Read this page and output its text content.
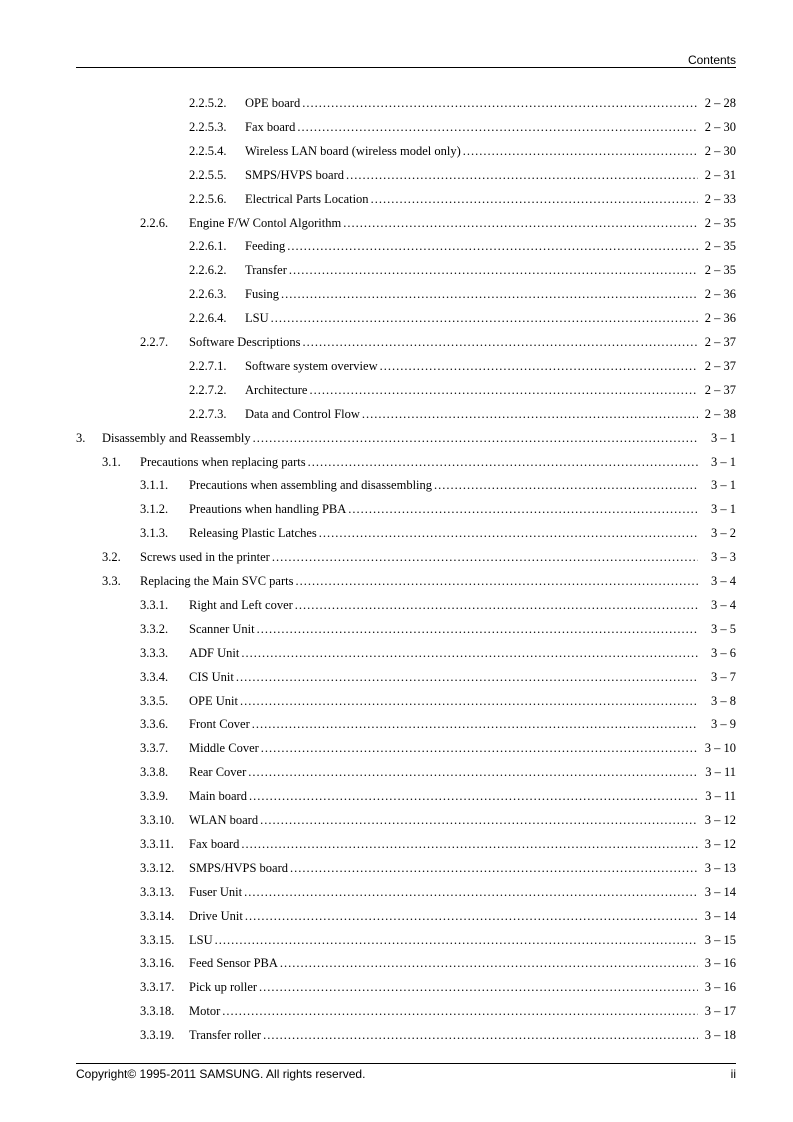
Contents
2.2.5.2. OPE board .....	2 – 28
2.2.5.3. Fax board .....	2 – 30
2.2.5.4. Wireless LAN board (wireless model only) .....	2 – 30
2.2.5.5. SMPS/HVPS board .....	2 – 31
2.2.5.6. Electrical Parts Location .....	2 – 33
2.2.6. Engine F/W Contol Algorithm .....	2 – 35
2.2.6.1. Feeding .....	2 – 35
2.2.6.2. Transfer .....	2 – 35
2.2.6.3. Fusing .....	2 – 36
2.2.6.4. LSU .....	2 – 36
2.2.7. Software Descriptions .....	2 – 37
2.2.7.1. Software system overview .....	2 – 37
2.2.7.2. Architecture .....	2 – 37
2.2.7.3. Data and Control Flow .....	2 – 38
3. Disassembly and Reassembly .....	3 – 1
3.1. Precautions when replacing parts .....	3 – 1
3.1.1. Precautions when assembling and disassembling .....	3 – 1
3.1.2. Preautions when handling PBA .....	3 – 1
3.1.3. Releasing Plastic Latches .....	3 – 2
3.2. Screws used in the printer .....	3 – 3
3.3. Replacing the Main SVC parts .....	3 – 4
3.3.1. Right and Left cover .....	3 – 4
3.3.2. Scanner Unit .....	3 – 5
3.3.3. ADF Unit .....	3 – 6
3.3.4. CIS Unit .....	3 – 7
3.3.5. OPE Unit .....	3 – 8
3.3.6. Front Cover .....	3 – 9
3.3.7. Middle Cover .....	3 – 10
3.3.8. Rear Cover .....	3 – 11
3.3.9. Main board .....	3 – 11
3.3.10. WLAN board .....	3 – 12
3.3.11. Fax board .....	3 – 12
3.3.12. SMPS/HVPS board .....	3 – 13
3.3.13. Fuser Unit .....	3 – 14
3.3.14. Drive Unit .....	3 – 14
3.3.15. LSU .....	3 – 15
3.3.16. Feed Sensor PBA .....	3 – 16
3.3.17. Pick up roller .....	3 – 16
3.3.18. Motor .....	3 – 17
3.3.19. Transfer roller .....	3 – 18
Copyright© 1995-2011 SAMSUNG. All rights reserved.	ii
